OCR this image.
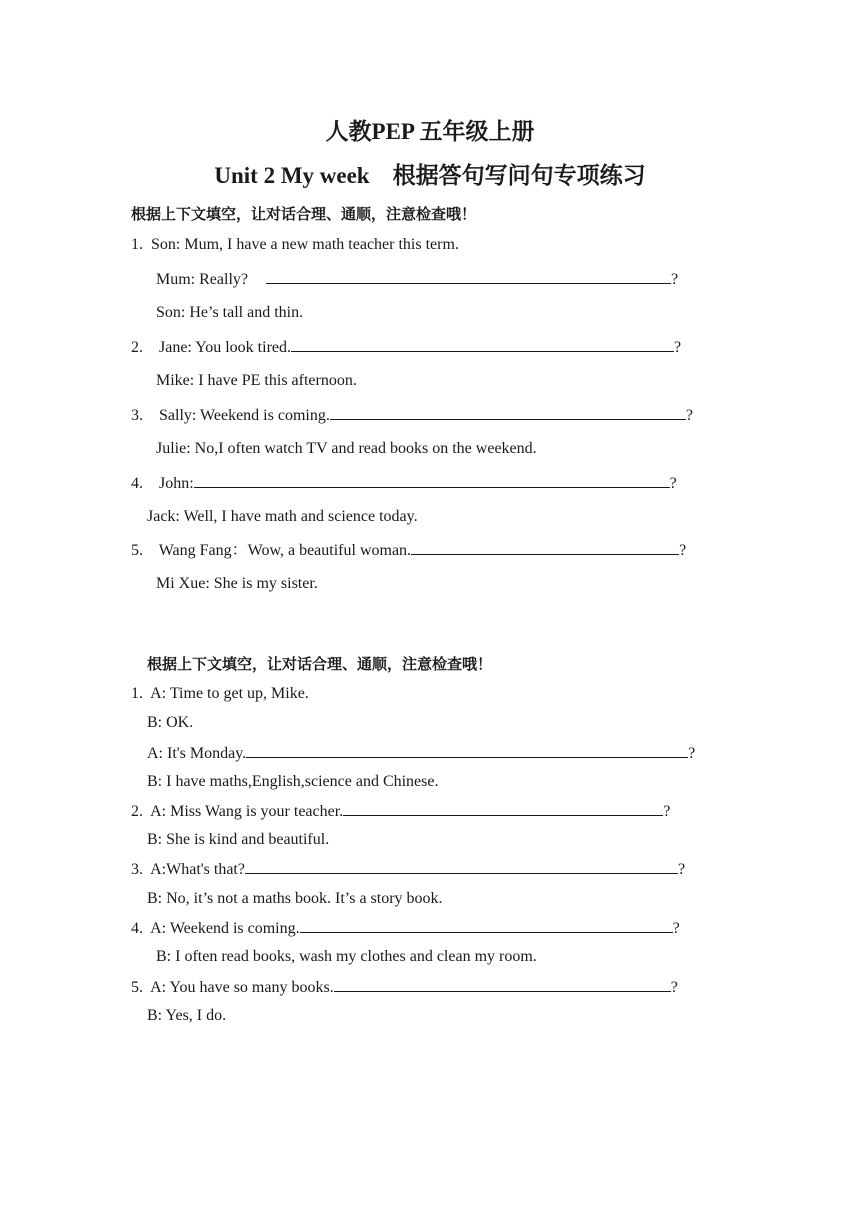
人教PEP 五年级上册
Unit 2 My week　根据答句写问句专项练习
根据上下文填空，让对话合理、通顺，注意检查哦！
1. Son: Mum, I have a new math teacher this term.
Mum: Really?	?
Son: He’s tall and thin.
2. Jane: You look tired.	?
Mike: I have PE this afternoon.
3. Sally: Weekend is coming.	?
Julie: No,I often watch TV and read books on the weekend.
4. John:	?
Jack: Well, I have math and science today.
5. Wang Fang：Wow, a beautiful woman.	?
Mi Xue: She is my sister.
根据上下文填空，让对话合理、通顺，注意检查哦！
1. A: Time to get up, Mike.
B: OK.
A: It's Monday.	?
B: I have maths,English,science and Chinese.
2. A: Miss Wang is your teacher.	?
B: She is kind and beautiful.
3. A:What's that?	?
B: No, it’s not a maths book. It’s a story book.
4. A: Weekend is coming.	?
B: I often read books, wash my clothes and clean my room.
5. A: You have so many books.	?
B: Yes, I do.
